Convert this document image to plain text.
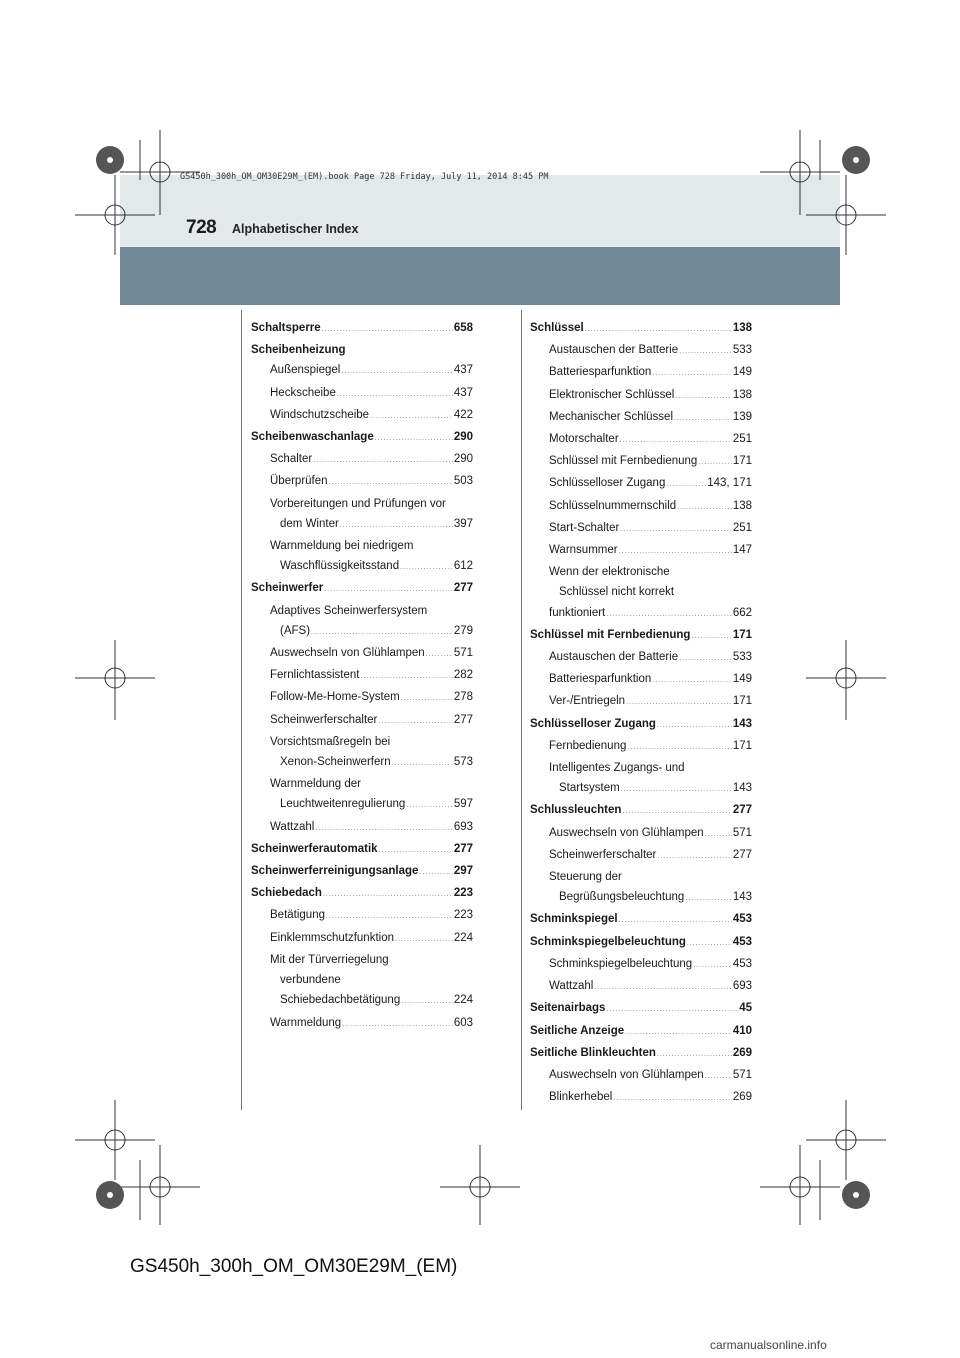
GS450h_300h_OM_OM30E29M_(EM).book Page 728 Friday, July 11, 2014 8:45 PM
728 Alphabetischer Index
Schaltsperre .....	658
Scheibenheizung
Außenspiegel .....	437
Heckscheibe .....	437
Windschutzscheibe .....	422
Scheibenwaschanlage .....	290
Schalter .....	290
Überprüfen .....	503
Vorbereitungen und Prüfungen vor
dem Winter .....	397
Warnmeldung bei niedrigem
Waschflüssigkeitsstand .....	612
Scheinwerfer .....	277
Adaptives Scheinwerfersystem
(AFS) .....	279
Auswechseln von Glühlampen .....	571
Fernlichtassistent .....	282
Follow-Me-Home-System .....	278
Scheinwerferschalter .....	277
Vorsichtsmaßregeln bei
Xenon-Scheinwerfern .....	573
Warnmeldung der
Leuchtweitenregulierung .....	597
Wattzahl .....	693
Scheinwerferautomatik .....	277
Scheinwerferreinigungsanlage .....	297
Schiebedach .....	223
Betätigung .....	223
Einklemmschutzfunktion .....	224
Mit der Türverriegelung
verbundene
Schiebedachbetätigung .....	224
Warnmeldung .....	603
Schlüssel .....	138
Austauschen der Batterie .....	533
Batteriesparfunktion .....	149
Elektronischer Schlüssel .....	138
Mechanischer Schlüssel .....	139
Motorschalter .....	251
Schlüssel mit Fernbedienung .....	171
Schlüsselloser Zugang .....	143, 171
Schlüsselnummernschild .....	138
Start-Schalter .....	251
Warnsummer .....	147
Wenn der elektronische
Schlüssel nicht korrekt
funktioniert .....	662
Schlüssel mit Fernbedienung .....	171
Austauschen der Batterie .....	533
Batteriesparfunktion .....	149
Ver-/Entriegeln .....	171
Schlüsselloser Zugang .....	143
Fernbedienung .....	171
Intelligentes Zugangs- und
Startsystem .....	143
Schlussleuchten .....	277
Auswechseln von Glühlampen .....	571
Scheinwerferschalter .....	277
Steuerung der
Begrüßungsbeleuchtung .....	143
Schminkspiegel .....	453
Schminkspiegelbeleuchtung .....	453
Schminkspiegelbeleuchtung .....	453
Wattzahl .....	693
Seitenairbags .....	45
Seitliche Anzeige .....	410
Seitliche Blinkleuchten .....	269
Auswechseln von Glühlampen .....	571
Blinkerhebel .....	269
GS450h_300h_OM_OM30E29M_(EM)
carmanualsonline.info
